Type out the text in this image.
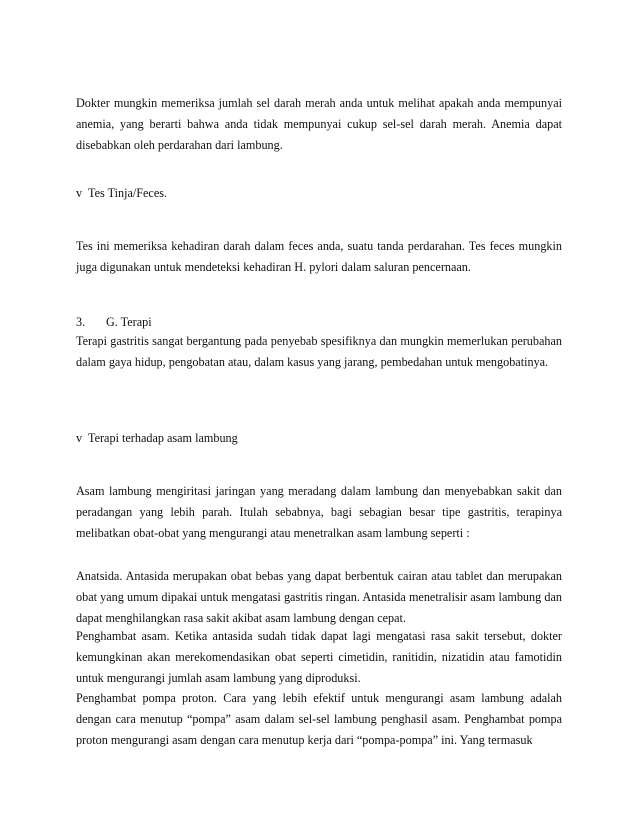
Dokter mungkin memeriksa jumlah sel darah merah anda untuk melihat apakah anda mempunyai anemia, yang berarti bahwa anda tidak mempunyai cukup sel-sel darah merah. Anemia dapat disebabkan oleh perdarahan dari lambung.

v Tes Tinja/Feces.

Tes ini memeriksa kehadiran darah dalam feces anda, suatu tanda perdarahan. Tes feces mungkin juga digunakan untuk mendeteksi kehadiran H. pylori dalam saluran pencernaan.

3. G. Terapi

Terapi gastritis sangat bergantung pada penyebab spesifiknya dan mungkin memerlukan perubahan dalam gaya hidup, pengobatan atau, dalam kasus yang jarang, pembedahan untuk mengobatinya.

v Terapi terhadap asam lambung

Asam lambung mengiritasi jaringan yang meradang dalam lambung dan menyebabkan sakit dan peradangan yang lebih parah. Itulah sebabnya, bagi sebagian besar tipe gastritis, terapinya melibatkan obat-obat yang mengurangi atau menetralkan asam lambung seperti :

Anatsida. Antasida merupakan obat bebas yang dapat berbentuk cairan atau tablet dan merupakan obat yang umum dipakai untuk mengatasi gastritis ringan. Antasida menetralisir asam lambung dan dapat menghilangkan rasa sakit akibat asam lambung dengan cepat.

Penghambat asam. Ketika antasida sudah tidak dapat lagi mengatasi rasa sakit tersebut, dokter kemungkinan akan merekomendasikan obat seperti cimetidin, ranitidin, nizatidin atau famotidin untuk mengurangi jumlah asam lambung yang diproduksi.

Penghambat pompa proton. Cara yang lebih efektif untuk mengurangi asam lambung adalah dengan cara menutup “pompa” asam dalam sel-sel lambung penghasil asam. Penghambat pompa proton mengurangi asam dengan cara menutup kerja dari “pompa-pompa” ini. Yang termasuk
